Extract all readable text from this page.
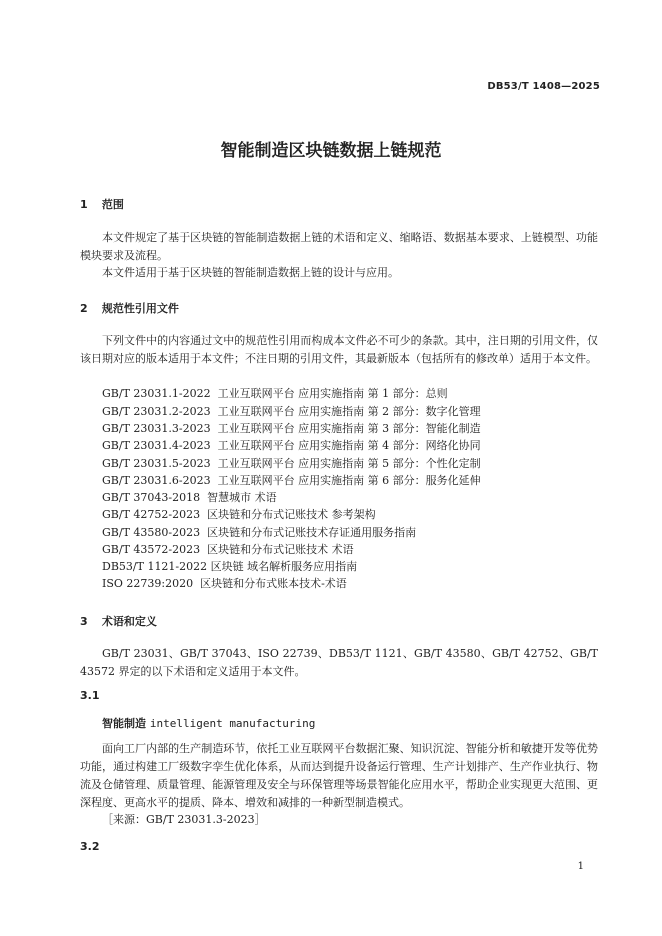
DB53/T 1408—2025
智能制造区块链数据上链规范
1 范围
本文件规定了基于区块链的智能制造数据上链的术语和定义、缩略语、数据基本要求、上链模型、功能模块要求及流程。
本文件适用于基于区块链的智能制造数据上链的设计与应用。
2 规范性引用文件
下列文件中的内容通过文中的规范性引用而构成本文件必不可少的条款。其中，注日期的引用文件，仅该日期对应的版本适用于本文件；不注日期的引用文件，其最新版本（包括所有的修改单）适用于本文件。
GB/T 23031.1-2022  工业互联网平台 应用实施指南 第 1 部分：总则
GB/T 23031.2-2023  工业互联网平台 应用实施指南 第 2 部分：数字化管理
GB/T 23031.3-2023  工业互联网平台 应用实施指南 第 3 部分：智能化制造
GB/T 23031.4-2023  工业互联网平台 应用实施指南 第 4 部分：网络化协同
GB/T 23031.5-2023  工业互联网平台 应用实施指南 第 5 部分：个性化定制
GB/T 23031.6-2023  工业互联网平台 应用实施指南 第 6 部分：服务化延伸
GB/T 37043-2018  智慧城市 术语
GB/T 42752-2023  区块链和分布式记账技术 参考架构
GB/T 43580-2023  区块链和分布式记账技术存证通用服务指南
GB/T 43572-2023  区块链和分布式记账技术 术语
DB53/T 1121-2022 区块链 域名解析服务应用指南
ISO 22739:2020  区块链和分布式账本技术-术语
3 术语和定义
GB/T 23031、GB/T 37043、ISO 22739、DB53/T 1121、GB/T 43580、GB/T 42752、GB/T 43572 界定的以下术语和定义适用于本文件。
3.1
智能制造 intelligent manufacturing
面向工厂内部的生产制造环节，依托工业互联网平台数据汇聚、知识沉淀、智能分析和敏捷开发等优势功能，通过构建工厂级数字孪生优化体系，从而达到提升设备运行管理、生产计划排产、生产作业执行、物流及仓储管理、质量管理、能源管理及安全与环保管理等场景智能化应用水平，帮助企业实现更大范围、更深程度、更高水平的提质、降本、增效和减排的一种新型制造模式。
［来源：GB/T 23031.3-2023］
3.2
1
